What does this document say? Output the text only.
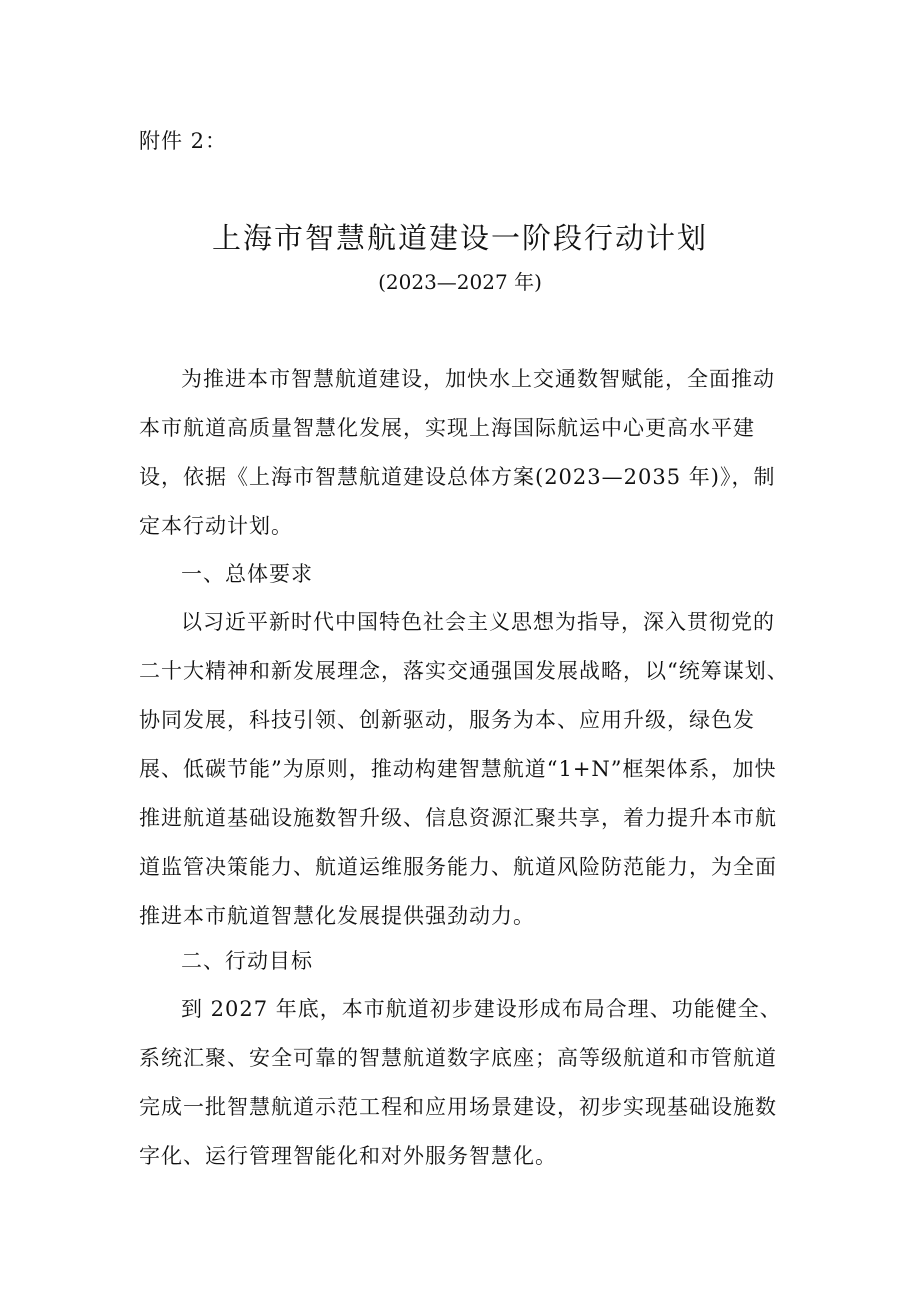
附件 2：
上海市智慧航道建设一阶段行动计划
(2023—2027 年)

为推进本市智慧航道建设，加快水上交通数智赋能，全面推动本市航道高质量智慧化发展，实现上海国际航运中心更高水平建设，依据《上海市智慧航道建设总体方案(2023—2035 年)》，制定本行动计划。

一、总体要求

以习近平新时代中国特色社会主义思想为指导，深入贯彻党的二十大精神和新发展理念，落实交通强国发展战略，以“统筹谋划、协同发展，科技引领、创新驱动，服务为本、应用升级，绿色发展、低碳节能”为原则，推动构建智慧航道“1+N”框架体系，加快推进航道基础设施数智升级、信息资源汇聚共享，着力提升本市航道监管决策能力、航道运维服务能力、航道风险防范能力，为全面推进本市航道智慧化发展提供强劲动力。

二、行动目标

到 2027 年底，本市航道初步建设形成布局合理、功能健全、系统汇聚、安全可靠的智慧航道数字底座；高等级航道和市管航道完成一批智慧航道示范工程和应用场景建设，初步实现基础设施数字化、运行管理智能化和对外服务智慧化。
